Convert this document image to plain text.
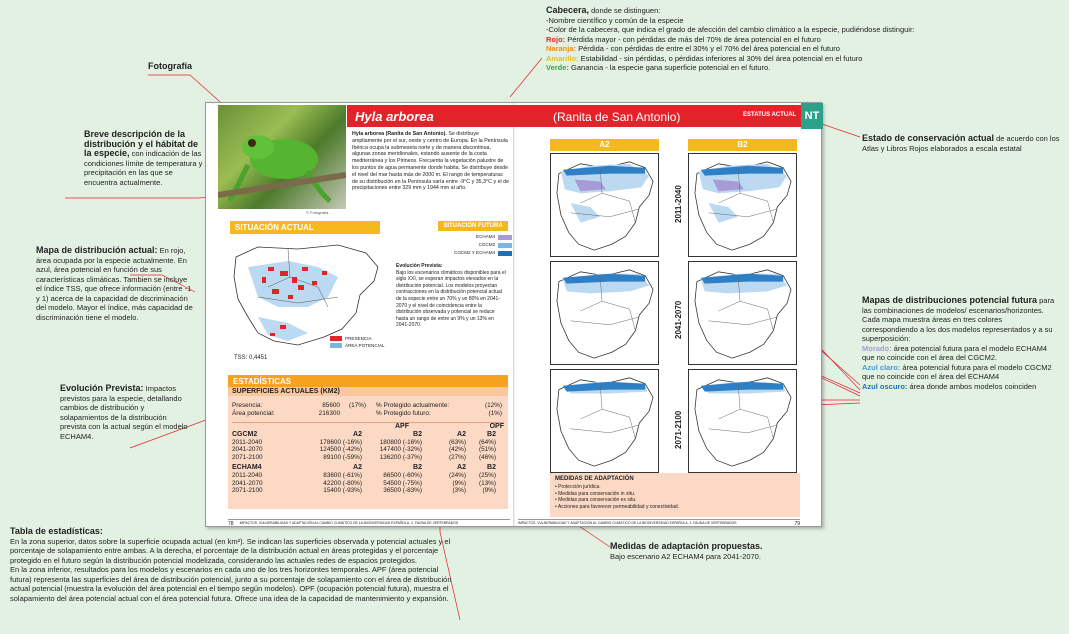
Fotografía
Cabecera, donde se distinguen:
-Nombre científico y común de la especie
-Color de la cabecera, que indica el grado de afección del cambio climático a la especie, pudiéndose distinguir:
Rojo: Pérdida mayor - con pérdidas de más del 70% de área potencial en el futuro
Naranja: Pérdida - con pérdidas de entre el 30% y el 70% del área potencial en el futuro
Amarillo: Estabilidad - sin pérdidas, o pérdidas inferiores al 30% del área potencial en el futuro
Verde: Ganancia - la especie gana superficie potencial en el futuro.
Breve descripción de la distribución y el hábitat de la especie, con indicación de las condiciones límite de temperatura y precipitación en las que se encuentra actualmente.
Mapa de distribución actual: En rojo, área ocupada por la especie actualmente. En azul, área potencial en función de sus características climáticas. Tambien se incluye el índice TSS, que ofrece información (entre -1 y 1) acerca de la capacidad de discriminación del modelo. Mayor el índice, más capacidad de discriminación tiene el modelo.
Evolución Prevista: Impactos previstos para la especie, detallando cambios de distribución y solapamientos de la distribución prevista con la actual según el modelo ECHAM4.
Estado de conservación actual de acuerdo con los Atlas y Libros Rojos elaborados a escala estatal
Mapas de distribuciones potencial futura para las combinaciones de modelos/ escenarios/horizontes. Cada mapa muestra áreas en tres colores correspondiendo a los dos modelos representados y a su superposición:
Morado: área potencial futura para el modelo ECHAM4 que no coincide con el área del CGCM2.
Azul claro: área potencial futura para el modelo CGCM2 que no coincide con el área del ECHAM4
Azul oscuro: área donde ambos modelos coinciden
Medidas de adaptación propuestas.
Bajo escenario A2 ECHAM4 para 2041-2070.
Tabla de estadísticas:
En la zona superior, datos sobre la superficie ocupada actual (en km²). Se indican las superficies observada y potencial actuales y el porcentaje de solapamiento entre ambas. A la derecha, el porcentaje de la distribución actual en áreas protegidas y el porcentaje protegido en el futuro según la distribución potencial modelizada, considerando las actuales redes de espacios protegidos.
En la zona inferior, resultados para los modelos y escenarios en cada uno de los tres horizontes temporales. APF (área potencial futura) representa las superficies del área de distribución potencial, junto a su porcentaje de solapamiento con el área de distribución actual potencial (muestra la evolución del área potencial en el tiempo según modelos). OPF (ocupación potencial futura), muestra el solapamiento del área potencial actual con el área potencial futura. Ofrece una idea de la capacidad de mantenimiento y expansión.
© Fotografía
Hyla arborea	(Ranita de San Antonio)	ESTATUS ACTUAL NT
Hyla arborea (Ranita de San Antonio). Se distribuye ampliamente por el sur, oeste y centro de Europa. En la Península Ibérica ocupa la submeseta norte y de manera discontinua, algunas zonas meridionales, estando ausente de la costa mediterránea y los Pirineos. Frecuenta la vegetación palustre de los puntos de agua permanente donde habita. Se distribuye desde el nivel del mar hasta más de 2000 m. El rango de temperaturas de su distribución en la Península varía entre -9°C y 35,3°C y el de precipitaciones entre 329 mm y 1944 mm al año.
SITUACIÓN ACTUAL	SITUACIÓN FUTURA
ECHAM4
CGCM2
CGCM2 Y ECHAM4
PRESENCIA
ÁREA POTENCIAL
TSS: 0,4451
Evolución Prevista:
Bajo los escenarios climáticos disponibles para el siglo XXI, se esperan impactos elevados en la distribución potencial. Los modelos proyectan contracciones en la distribución potencial actual de la especie entre un 70% y un 80% en 2041-2070 y el nivel de coincidencia entre la distribución observada y potencial se reduce hasta un rango de entre un 9% y un 13% en 2041-2070.
ESTADÍSTICAS
SUPERFICIES ACTUALES (KM2)
Presencia:	85600	(17%)	% Protegido actualmente:	(12%)
Área potencial:	216300	% Protegido futuro:	(1%)
APF	OPF
CGCM2	A2	B2	A2	B2
2011-2040	178600 (-16%)	180800 (-16%)	(63%)	(64%)
2041-2070	124500 (-42%)	147400 (-32%)	(42%)	(51%)
2071-2100	89100 (-59%)	136200 (-37%)	(27%)	(46%)
ECHAM4	A2	B2	A2	B2
2011-2040	83600 (-61%)	86500 (-60%)	(24%)	(25%)
2041-2070	42200 (-80%)	54500 (-75%)	(9%)	(13%)
2071-2100	15400 (-93%)	36500 (-83%)	(3%)	(9%)
A2	B2
2011-2040
2041-2070
2071-2100
MEDIDAS DE ADAPTACIÓN
• Protección jurídica.
• Medidas para conservación in situ.
• Medidas para conservación ex situ.
• Acciones para favorecer permeabilidad y conectividad.
78 IMPACTOS, VULNERABILIDAD Y ADAPTACIÓN AL CAMBIO CLIMÁTICO DE LA BIODIVERSIDAD ESPAÑOLA. 2. FAUNA DE VERTEBRADOS	IMPACTOS, VULNERABILIDAD Y ADAPTACIÓN AL CAMBIO CLIMÁTICO DE LA BIODIVERSIDAD ESPAÑOLA. 2. FAUNA DE VERTEBRADOS	79
